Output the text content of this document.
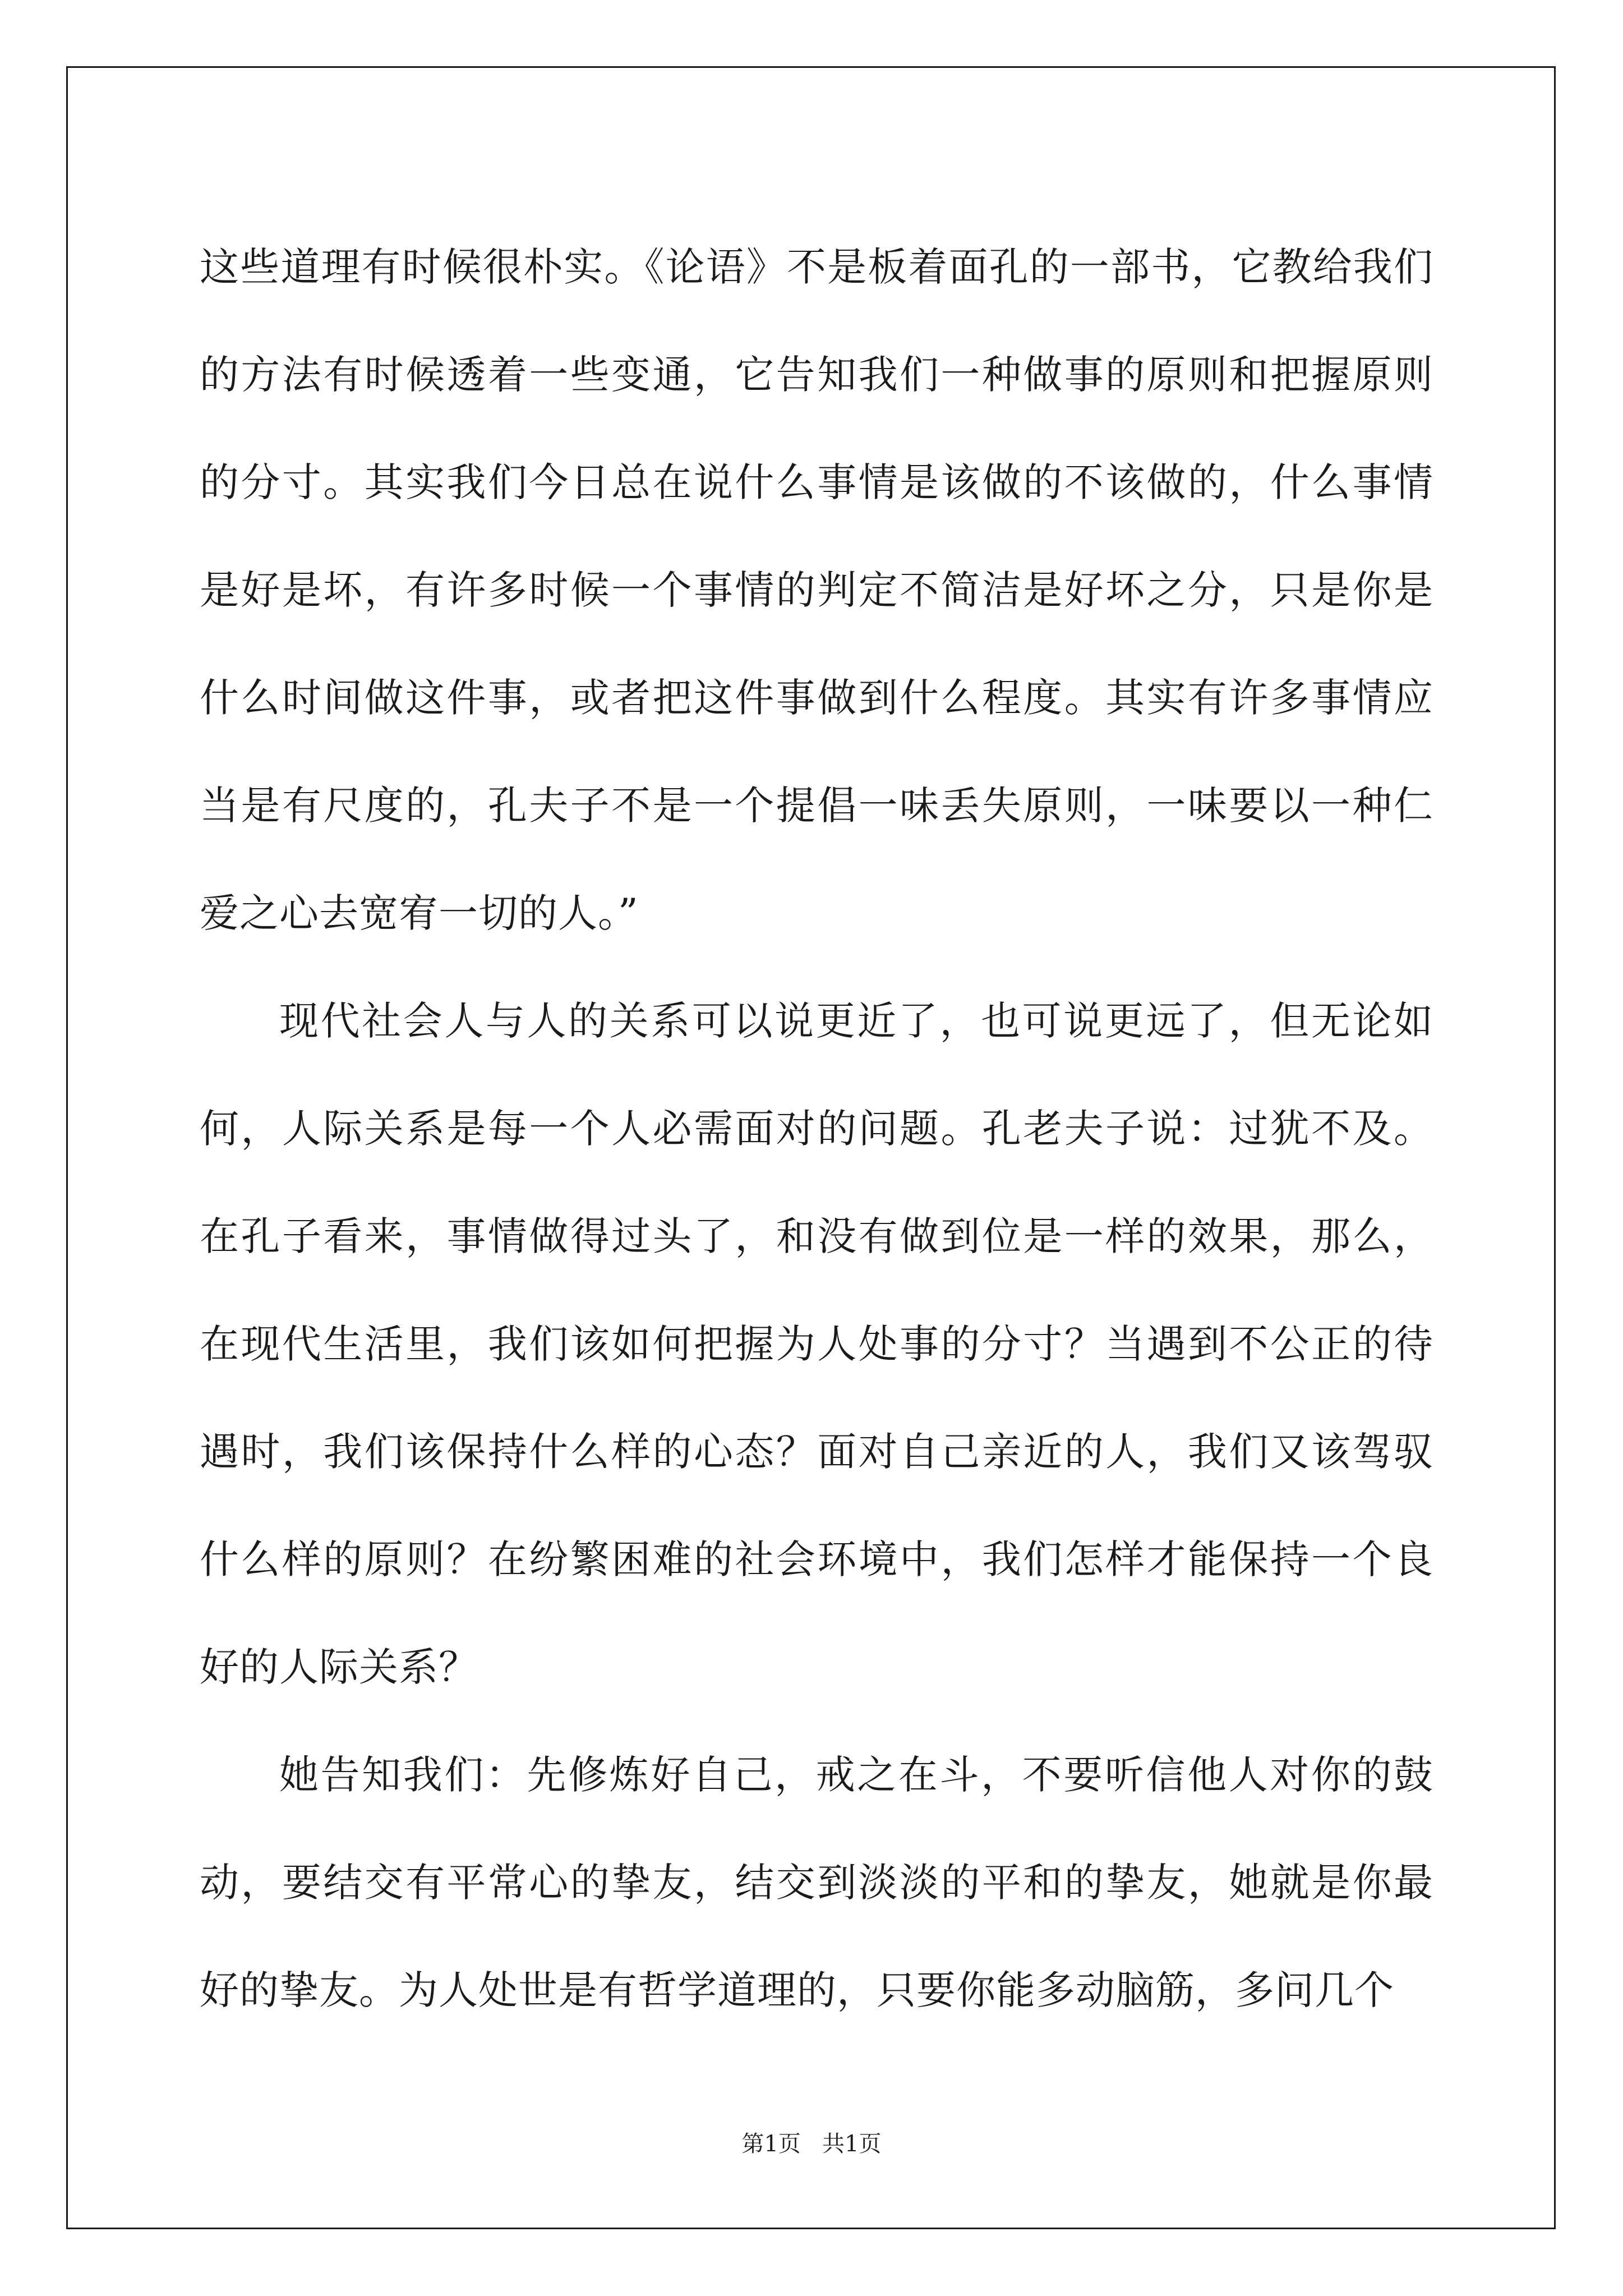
这些道理有时候很朴实。《论语》不是板着面孔的一部书，它教给我们的方法有时候透着一些变通，它告知我们一种做事的原则和把握原则的分寸。其实我们今日总在说什么事情是该做的不该做的，什么事情是好是坏，有许多时候一个事情的判定不简洁是好坏之分，只是你是什么时间做这件事，或者把这件事做到什么程度。其实有许多事情应当是有尺度的，孔夫子不是一个提倡一味丢失原则，一味要以一种仁爱之心去宽宥一切的人。”

现代社会人与人的关系可以说更近了，也可说更远了，但无论如何，人际关系是每一个人必需面对的问题。孔老夫子说：过犹不及。在孔子看来，事情做得过头了，和没有做到位是一样的效果，那么，在现代生活里，我们该如何把握为人处事的分寸？当遇到不公正的待遇时，我们该保持什么样的心态？面对自己亲近的人，我们又该驾驭什么样的原则？在纷繁困难的社会环境中，我们怎样才能保持一个良好的人际关系？

她告知我们：先修炼好自己，戒之在斗，不要听信他人对你的鼓动，要结交有平常心的挚友，结交到淡淡的平和的挚友，她就是你最好的挚友。为人处世是有哲学道理的，只要你能多动脑筋，多问几个

第1页   共1页
